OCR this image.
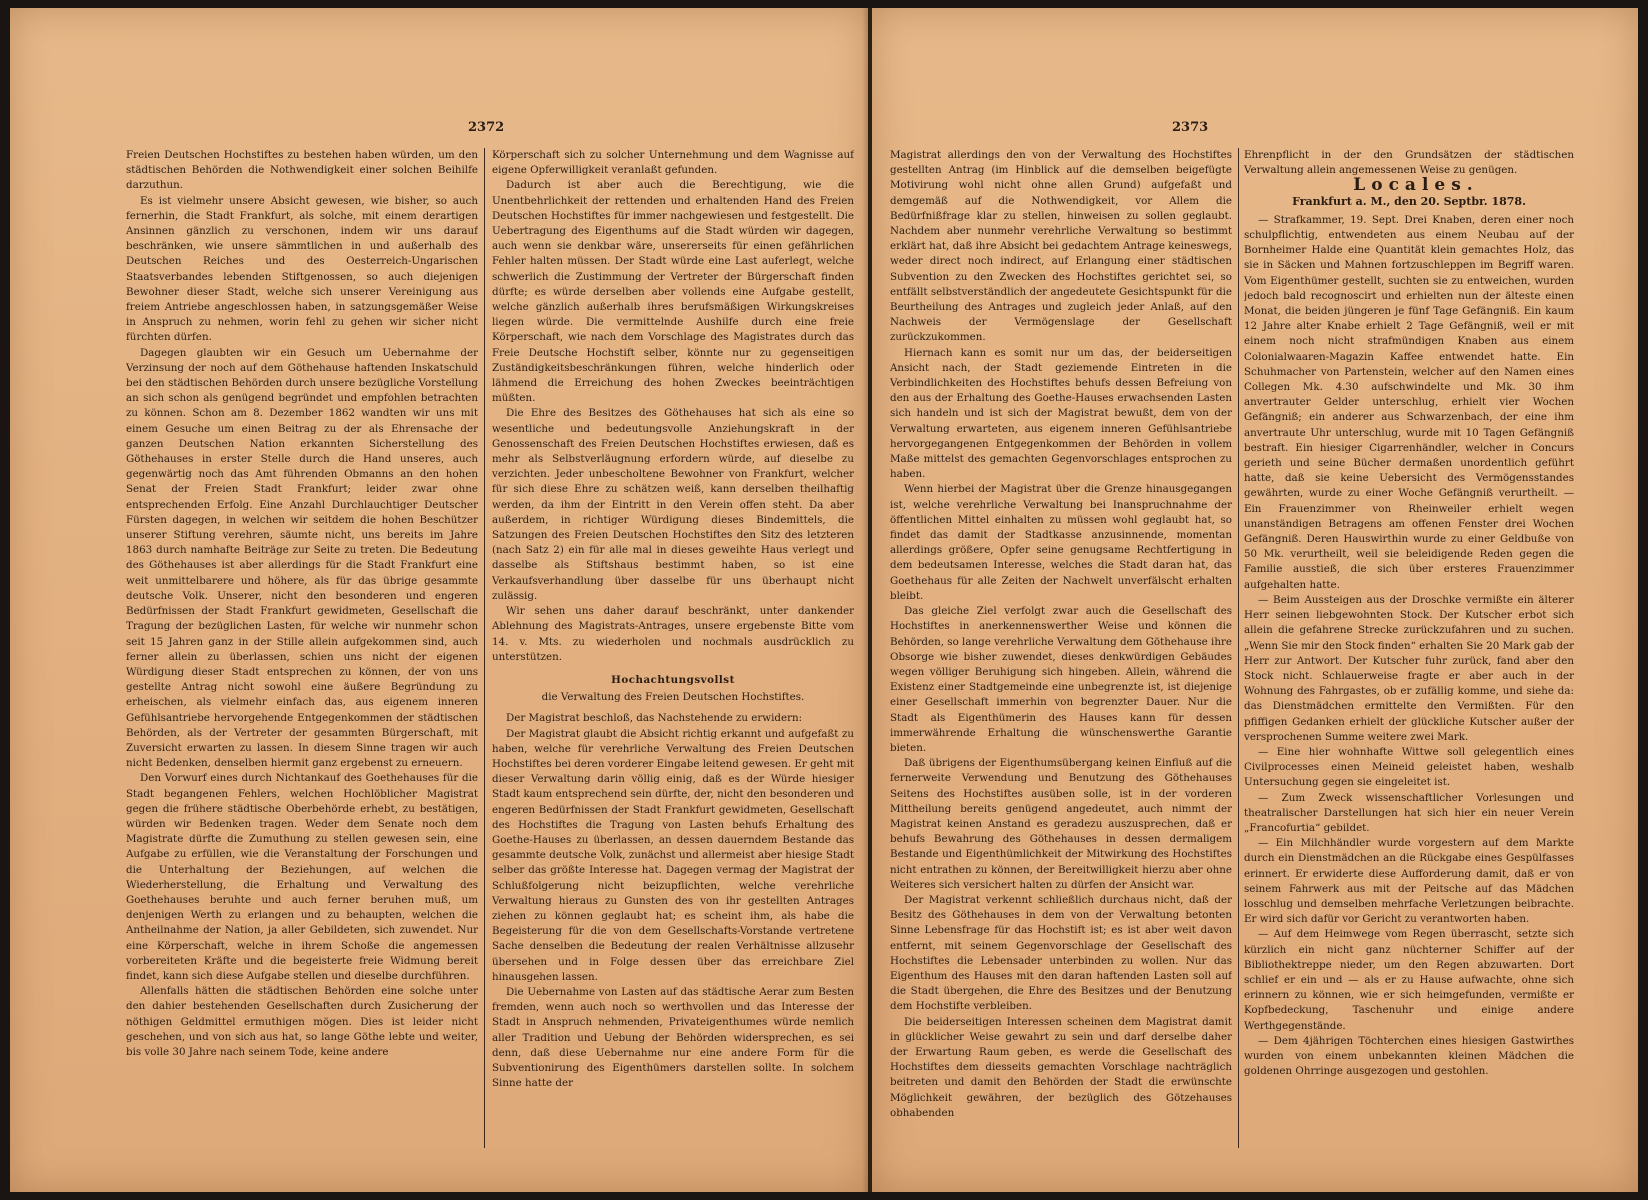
2372

Freien Deutschen Hochstiftes zu bestehen haben würden, um den städtischen Behörden die Nothwendigkeit einer solchen Beihilfe darzuthun.

Es ist vielmehr unsere Absicht gewesen, wie bisher, so auch fernerhin, die Stadt Frankfurt, als solche, mit einem derartigen Ansinnen gänzlich zu verschonen, indem wir uns darauf beschränken, wie unsere sämmtlichen in und außerhalb des Deutschen Reiches und des Oesterreich-Ungarischen Staatsverbandes lebenden Stiftgenossen, so auch diejenigen Bewohner dieser Stadt, welche sich unserer Vereinigung aus freiem Antriebe angeschlossen haben, in satzungsgemäßer Weise in Anspruch zu nehmen, worin fehl zu gehen wir sicher nicht fürchten dürfen.

Dagegen glaubten wir ein Gesuch um Uebernahme der Verzinsung der noch auf dem Göthehause haftenden Inskatschuld bei den städtischen Behörden durch unsere bezügliche Vorstellung an sich schon als genügend begründet und empfohlen betrachten zu können. Schon am 8. Dezember 1862 wandten wir uns mit einem Gesuche um einen Beitrag zu der als Ehrensache der ganzen Deutschen Nation erkannten Sicherstellung des Göthehauses in erster Stelle durch die Hand unseres, auch gegenwärtig noch das Amt führenden Obmanns an den hohen Senat der Freien Stadt Frankfurt; leider zwar ohne entsprechenden Erfolg. Eine Anzahl Durchlauchtiger Deutscher Fürsten dagegen, in welchen wir seitdem die hohen Beschützer unserer Stiftung verehren, säumte nicht, uns bereits im Jahre 1863 durch namhafte Beiträge zur Seite zu treten. Die Bedeutung des Göthehauses ist aber allerdings für die Stadt Frankfurt eine weit unmittelbarere und höhere, als für das übrige gesammte deutsche Volk. Unserer, nicht den besonderen und engeren Bedürfnissen der Stadt Frankfurt gewidmeten, Gesellschaft die Tragung der bezüglichen Lasten, für welche wir nunmehr schon seit 15 Jahren ganz in der Stille allein aufgekommen sind, auch ferner allein zu überlassen, schien uns nicht der eigenen Würdigung dieser Stadt entsprechen zu können, der von uns gestellte Antrag nicht sowohl eine äußere Begründung zu erheischen, als vielmehr einfach das, aus eigenem inneren Gefühlsantriebe hervorgehende Entgegenkommen der städtischen Behörden, als der Vertreter der gesammten Bürgerschaft, mit Zuversicht erwarten zu lassen. In diesem Sinne tragen wir auch nicht Bedenken, denselben hiermit ganz ergebenst zu erneuern.

Den Vorwurf eines durch Nichtankauf des Goethehauses für die Stadt begangenen Fehlers, welchen Hochlöblicher Magistrat gegen die frühere städtische Oberbehörde erhebt, zu bestätigen, würden wir Bedenken tragen. Weder dem Senate noch dem Magistrate dürfte die Zumuthung zu stellen gewesen sein, eine Aufgabe zu erfüllen, wie die Veranstaltung der Forschungen und die Unterhaltung der Beziehungen, auf welchen die Wiederherstellung, die Erhaltung und Verwaltung des Goethehauses beruhte und auch ferner beruhen muß, um denjenigen Werth zu erlangen und zu behaupten, welchen die Antheilnahme der Nation, ja aller Gebildeten, sich zuwendet. Nur eine Körperschaft, welche in ihrem Schoße die angemessen vorbereiteten Kräfte und die begeisterte freie Widmung bereit findet, kann sich diese Aufgabe stellen und dieselbe durchführen.

Allenfalls hätten die städtischen Behörden eine solche unter den dahier bestehenden Gesellschaften durch Zusicherung der nöthigen Geldmittel ermuthigen mögen. Dies ist leider nicht geschehen, und von sich aus hat, so lange Göthe lebte und weiter, bis volle 30 Jahre nach seinem Tode, keine andere

Körperschaft sich zu solcher Unternehmung und dem Wagnisse auf eigene Opferwilligkeit veranlaßt gefunden.

Dadurch ist aber auch die Berechtigung, wie die Unentbehrlichkeit der rettenden und erhaltenden Hand des Freien Deutschen Hochstiftes für immer nachgewiesen und festgestellt. Die Uebertragung des Eigenthums auf die Stadt würden wir dagegen, auch wenn sie denkbar wäre, unsererseits für einen gefährlichen Fehler halten müssen. Der Stadt würde eine Last auferlegt, welche schwerlich die Zustimmung der Vertreter der Bürgerschaft finden dürfte; es würde derselben aber vollends eine Aufgabe gestellt, welche gänzlich außerhalb ihres berufsmäßigen Wirkungskreises liegen würde. Die vermittelnde Aushilfe durch eine freie Körperschaft, wie nach dem Vorschlage des Magistrates durch das Freie Deutsche Hochstift selber, könnte nur zu gegenseitigen Zuständigkeitsbeschränkungen führen, welche hinderlich oder lähmend die Erreichung des hohen Zweckes beeinträchtigen müßten.

Die Ehre des Besitzes des Göthehauses hat sich als eine so wesentliche und bedeutungsvolle Anziehungskraft in der Genossenschaft des Freien Deutschen Hochstiftes erwiesen, daß es mehr als Selbstverläugnung erfordern würde, auf dieselbe zu verzichten. Jeder unbescholtene Bewohner von Frankfurt, welcher für sich diese Ehre zu schätzen weiß, kann derselben theilhaftig werden, da ihm der Eintritt in den Verein offen steht. Da aber außerdem, in richtiger Würdigung dieses Bindemittels, die Satzungen des Freien Deutschen Hochstiftes den Sitz des letzteren (nach Satz 2) ein für alle mal in dieses geweihte Haus verlegt und dasselbe als Stiftshaus bestimmt haben, so ist eine Verkaufsverhandlung über dasselbe für uns überhaupt nicht zulässig.

Wir sehen uns daher darauf beschränkt, unter dankender Ablehnung des Magistrats-Antrages, unsere ergebenste Bitte vom 14. v. Mts. zu wiederholen und nochmals ausdrücklich zu unterstützen.

Hochachtungsvollst

die Verwaltung des Freien Deutschen Hochstiftes.

Der Magistrat beschloß, das Nachstehende zu erwidern:

Der Magistrat glaubt die Absicht richtig erkannt und aufgefaßt zu haben, welche für verehrliche Verwaltung des Freien Deutschen Hochstiftes bei deren vorderer Eingabe leitend gewesen. Er geht mit dieser Verwaltung darin völlig einig, daß es der Würde hiesiger Stadt kaum entsprechend sein dürfte, der, nicht den besonderen und engeren Bedürfnissen der Stadt Frankfurt gewidmeten, Gesellschaft des Hochstiftes die Tragung von Lasten behufs Erhaltung des Goethe-Hauses zu überlassen, an dessen dauerndem Bestande das gesammte deutsche Volk, zunächst und allermeist aber hiesige Stadt selber das größte Interesse hat. Dagegen vermag der Magistrat der Schlußfolgerung nicht beizupflichten, welche verehrliche Verwaltung hieraus zu Gunsten des von ihr gestellten Antrages ziehen zu können geglaubt hat; es scheint ihm, als habe die Begeisterung für die von dem Gesellschafts-Vorstande vertretene Sache denselben die Bedeutung der realen Verhältnisse allzusehr übersehen und in Folge dessen über das erreichbare Ziel hinausgehen lassen.

Die Uebernahme von Lasten auf das städtische Aerar zum Besten fremden, wenn auch noch so werthvollen und das Interesse der Stadt in Anspruch nehmenden, Privateigenthumes würde nemlich aller Tradition und Uebung der Behörden widersprechen, es sei denn, daß diese Uebernahme nur eine andere Form für die Subventionirung des Eigenthümers darstellen sollte. In solchem Sinne hatte der

2373

Magistrat allerdings den von der Verwaltung des Hochstiftes gestellten Antrag (im Hinblick auf die demselben beigefügte Motivirung wohl nicht ohne allen Grund) aufgefaßt und demgemäß auf die Nothwendigkeit, vor Allem die Bedürfnißfrage klar zu stellen, hinweisen zu sollen geglaubt. Nachdem aber nunmehr verehrliche Verwaltung so bestimmt erklärt hat, daß ihre Absicht bei gedachtem Antrage keineswegs, weder direct noch indirect, auf Erlangung einer städtischen Subvention zu den Zwecken des Hochstiftes gerichtet sei, so entfällt selbstverständlich der angedeutete Gesichtspunkt für die Beurtheilung des Antrages und zugleich jeder Anlaß, auf den Nachweis der Vermögenslage der Gesellschaft zurückzukommen.

Hiernach kann es somit nur um das, der beiderseitigen Ansicht nach, der Stadt geziemende Eintreten in die Verbindlichkeiten des Hochstiftes behufs dessen Befreiung von den aus der Erhaltung des Goethe-Hauses erwachsenden Lasten sich handeln und ist sich der Magistrat bewußt, dem von der Verwaltung erwarteten, aus eigenem inneren Gefühlsantriebe hervorgegangenen Entgegenkommen der Behörden in vollem Maße mittelst des gemachten Gegenvorschlages entsprochen zu haben.

Wenn hierbei der Magistrat über die Grenze hinausgegangen ist, welche verehrliche Verwaltung bei Inanspruchnahme der öffentlichen Mittel einhalten zu müssen wohl geglaubt hat, so findet das damit der Stadtkasse anzusinnende, momentan allerdings größere, Opfer seine genugsame Rechtfertigung in dem bedeutsamen Interesse, welches die Stadt daran hat, das Goethehaus für alle Zeiten der Nachwelt unverfälscht erhalten bleibt.

Das gleiche Ziel verfolgt zwar auch die Gesellschaft des Hochstiftes in anerkennenswerther Weise und können die Behörden, so lange verehrliche Verwaltung dem Göthehause ihre Obsorge wie bisher zuwendet, dieses denkwürdigen Gebäudes wegen völliger Beruhigung sich hingeben. Allein, während die Existenz einer Stadtgemeinde eine unbegrenzte ist, ist diejenige einer Gesellschaft immerhin von begrenzter Dauer. Nur die Stadt als Eigenthümerin des Hauses kann für dessen immerwährende Erhaltung die wünschenswerthe Garantie bieten.

Daß übrigens der Eigenthumsübergang keinen Einfluß auf die fernerweite Verwendung und Benutzung des Göthehauses Seitens des Hochstiftes ausüben solle, ist in der vorderen Mittheilung bereits genügend angedeutet, auch nimmt der Magistrat keinen Anstand es geradezu auszusprechen, daß er behufs Bewahrung des Göthehauses in dessen dermaligem Bestande und Eigenthümlichkeit der Mitwirkung des Hochstiftes nicht entrathen zu können, der Bereitwilligkeit hierzu aber ohne Weiteres sich versichert halten zu dürfen der Ansicht war.

Der Magistrat verkennt schließlich durchaus nicht, daß der Besitz des Göthehauses in dem von der Verwaltung betonten Sinne Lebensfrage für das Hochstift ist; es ist aber weit davon entfernt, mit seinem Gegenvorschlage der Gesellschaft des Hochstiftes die Lebensader unterbinden zu wollen. Nur das Eigenthum des Hauses mit den daran haftenden Lasten soll auf die Stadt übergehen, die Ehre des Besitzes und der Benutzung dem Hochstifte verbleiben.

Die beiderseitigen Interessen scheinen dem Magistrat damit in glücklicher Weise gewahrt zu sein und darf derselbe daher der Erwartung Raum geben, es werde die Gesellschaft des Hochstiftes dem diesseits gemachten Vorschlage nachträglich beitreten und damit den Behörden der Stadt die erwünschte Möglichkeit gewähren, der bezüglich des Götzehauses obhabenden

Ehrenpflicht in der den Grundsätzen der städtischen Verwaltung allein angemessenen Weise zu genügen.

Locales.

Frankfurt a. M., den 20. Septbr. 1878.

— Strafkammer, 19. Sept. Drei Knaben, deren einer noch schulpflichtig, entwendeten aus einem Neubau auf der Bornheimer Halde eine Quantität klein gemachtes Holz, das sie in Säcken und Mahnen fortzuschleppen im Begriff waren. Vom Eigenthümer gestellt, suchten sie zu entweichen, wurden jedoch bald recognoscirt und erhielten nun der älteste einen Monat, die beiden jüngeren je fünf Tage Gefängniß. Ein kaum 12 Jahre alter Knabe erhielt 2 Tage Gefängniß, weil er mit einem noch nicht strafmündigen Knaben aus einem Colonialwaaren-Magazin Kaffee entwendet hatte. Ein Schuhmacher von Partenstein, welcher auf den Namen eines Collegen Mk. 4.30 aufschwindelte und Mk. 30 ihm anvertrauter Gelder unterschlug, erhielt vier Wochen Gefängniß; ein anderer aus Schwarzenbach, der eine ihm anvertraute Uhr unterschlug, wurde mit 10 Tagen Gefängniß bestraft. Ein hiesiger Cigarrenhändler, welcher in Concurs gerieth und seine Bücher dermaßen unordentlich geführt hatte, daß sie keine Uebersicht des Vermögensstandes gewährten, wurde zu einer Woche Gefängniß verurtheilt. — Ein Frauenzimmer von Rheinweiler erhielt wegen unanständigen Betragens am offenen Fenster drei Wochen Gefängniß. Deren Hauswirthin wurde zu einer Geldbuße von 50 Mk. verurtheilt, weil sie beleidigende Reden gegen die Familie ausstieß, die sich über ersteres Frauenzimmer aufgehalten hatte.

— Beim Aussteigen aus der Droschke vermißte ein älterer Herr seinen liebgewohnten Stock. Der Kutscher erbot sich allein die gefahrene Strecke zurückzufahren und zu suchen. „Wenn Sie mir den Stock finden“ erhalten Sie 20 Mark gab der Herr zur Antwort. Der Kutscher fuhr zurück, fand aber den Stock nicht. Schlauerweise fragte er aber auch in der Wohnung des Fahrgastes, ob er zufällig komme, und siehe da: das Dienstmädchen ermittelte den Vermißten. Für den pfiffigen Gedanken erhielt der glückliche Kutscher außer der versprochenen Summe weitere zwei Mark.

— Eine hier wohnhafte Wittwe soll gelegentlich eines Civilprocesses einen Meineid geleistet haben, weshalb Untersuchung gegen sie eingeleitet ist.

— Zum Zweck wissenschaftlicher Vorlesungen und theatralischer Darstellungen hat sich hier ein neuer Verein „Francofurtia“ gebildet.

— Ein Milchhändler wurde vorgestern auf dem Markte durch ein Dienstmädchen an die Rückgabe eines Gespülfasses erinnert. Er erwiderte diese Aufforderung damit, daß er von seinem Fahrwerk aus mit der Peitsche auf das Mädchen losschlug und demselben mehrfache Verletzungen beibrachte. Er wird sich dafür vor Gericht zu verantworten haben.

— Auf dem Heimwege vom Regen überrascht, setzte sich kürzlich ein nicht ganz nüchterner Schiffer auf der Bibliothektreppe nieder, um den Regen abzuwarten. Dort schlief er ein und — als er zu Hause aufwachte, ohne sich erinnern zu können, wie er sich heimgefunden, vermißte er Kopfbedeckung, Taschenuhr und einige andere Werthgegenstände.

— Dem 4jährigen Töchterchen eines hiesigen Gastwirthes wurden von einem unbekannten kleinen Mädchen die goldenen Ohrringe ausgezogen und gestohlen.
